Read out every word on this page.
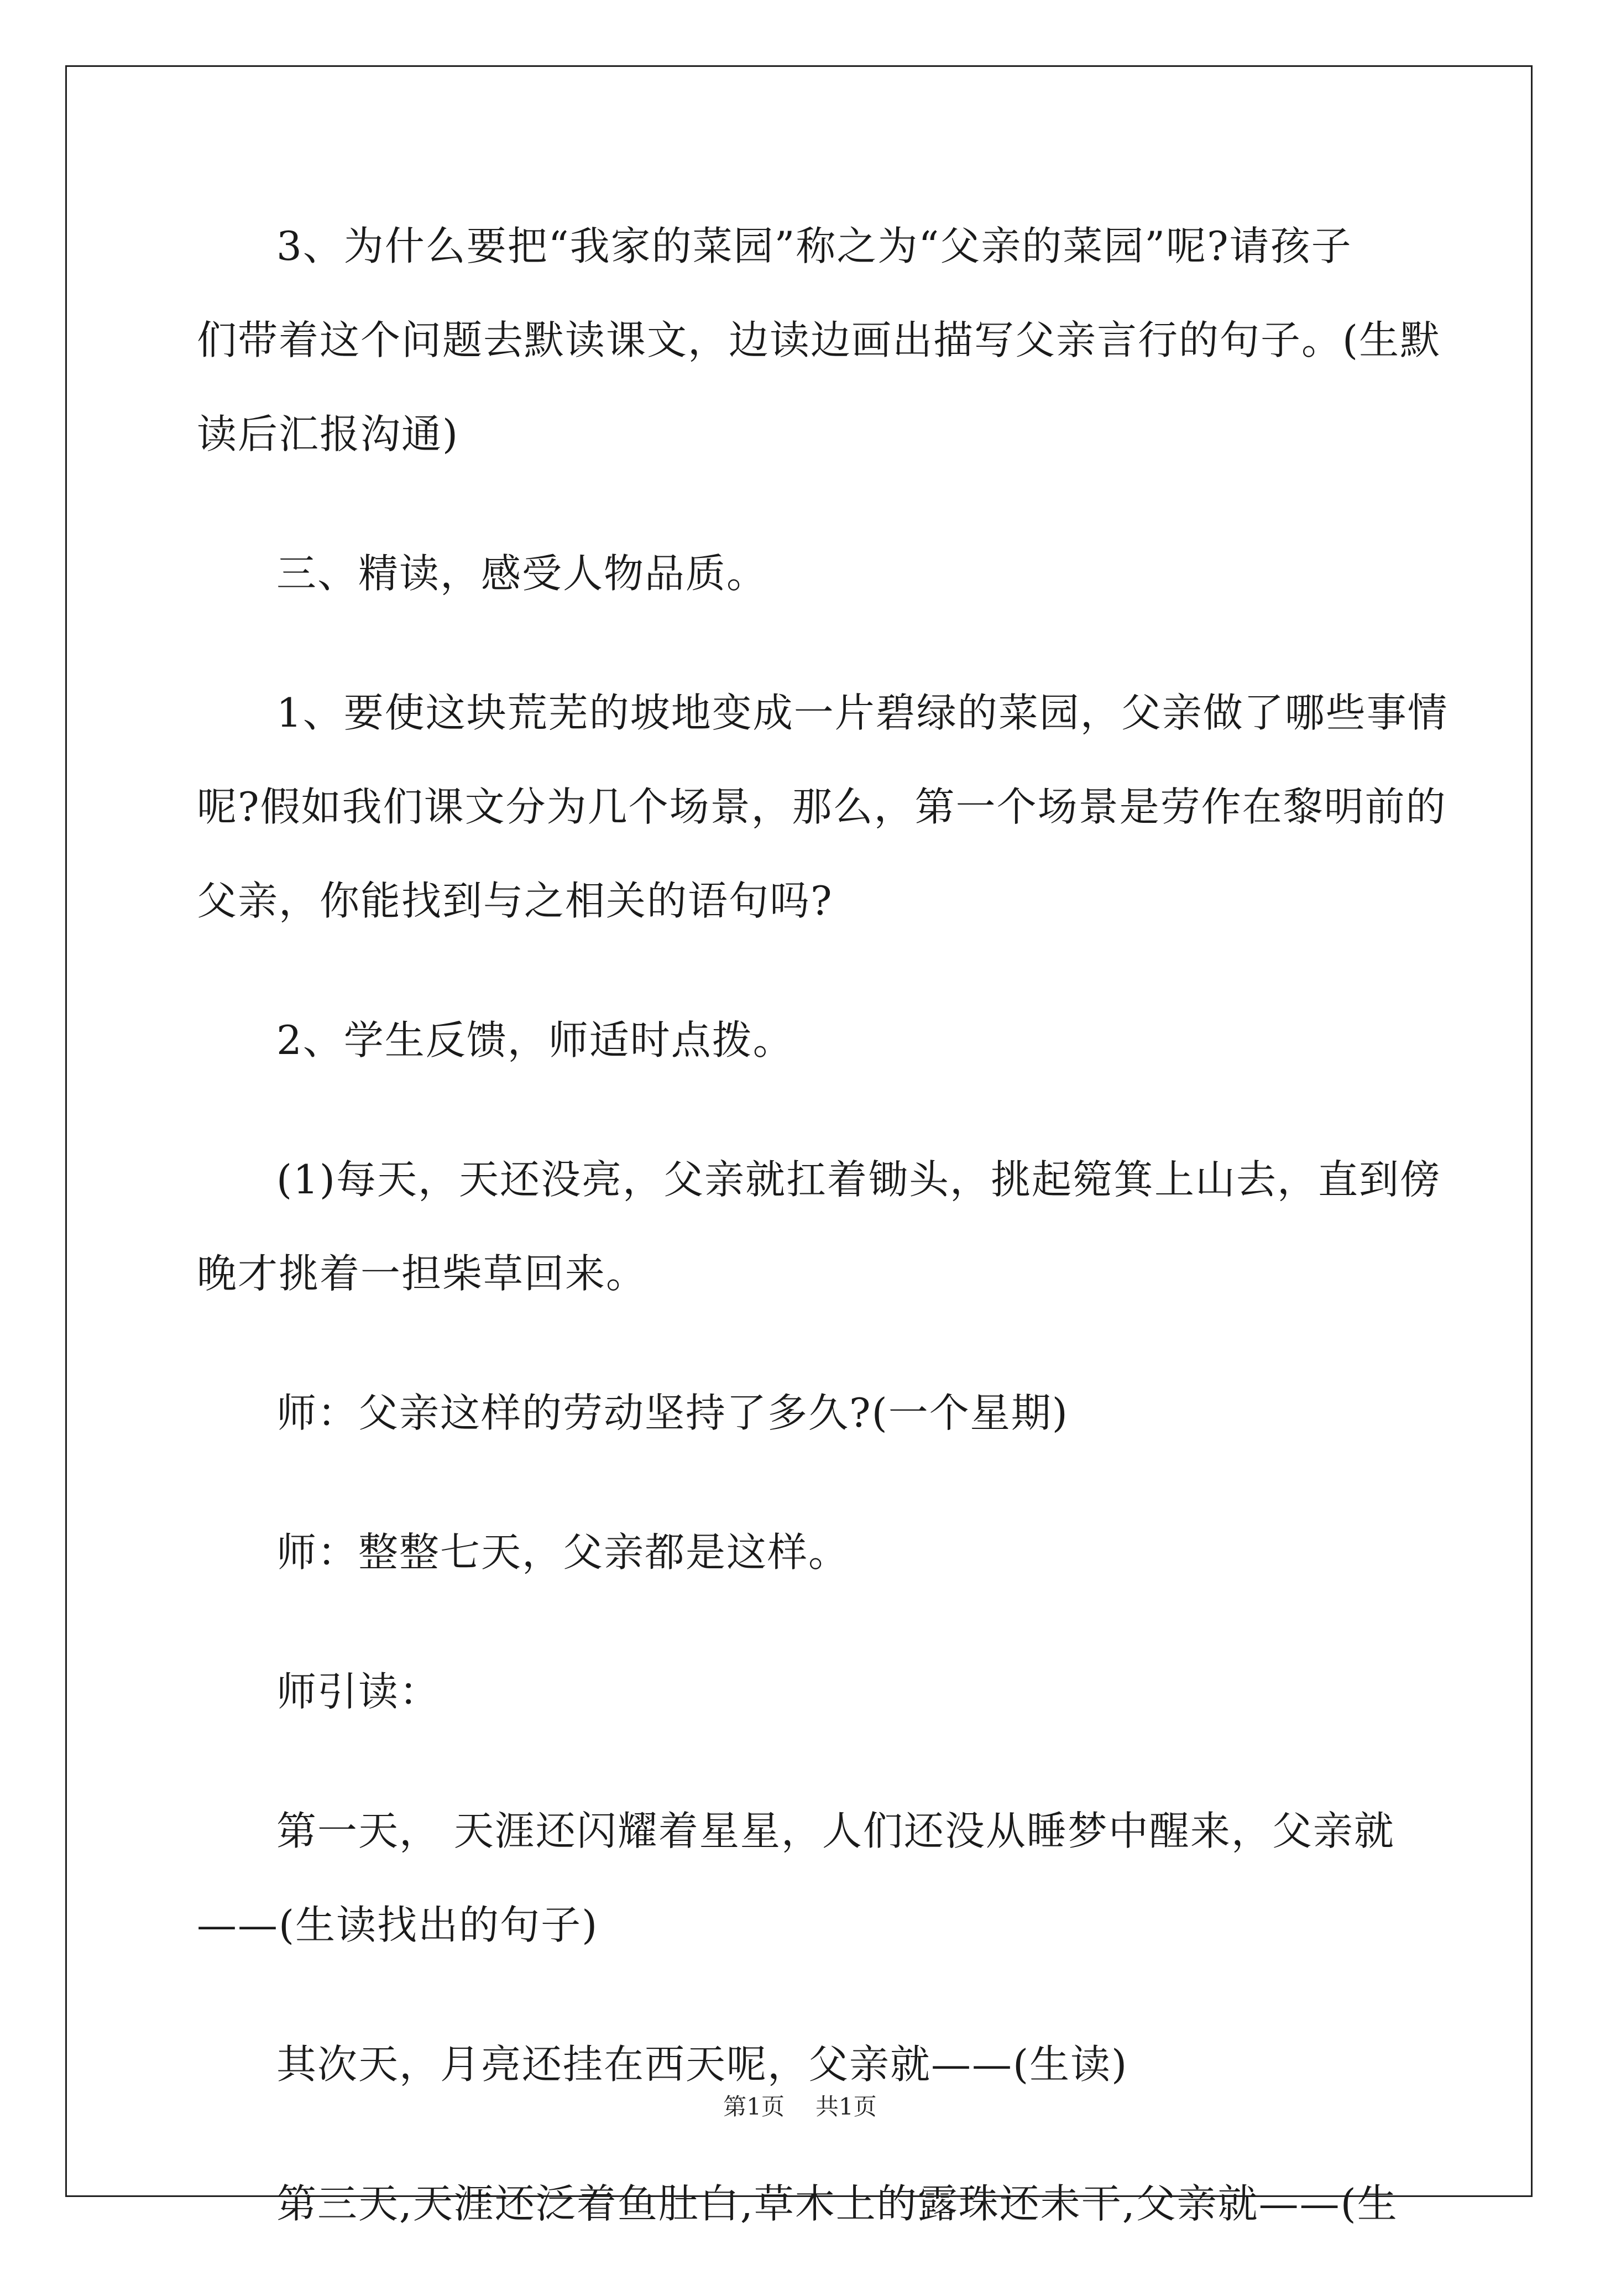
3、为什么要把“我家的菜园”称之为“父亲的菜园”呢?请孩子
们带着这个问题去默读课文，边读边画出描写父亲言行的句子。(生默
读后汇报沟通)
三、精读，感受人物品质。
1、要使这块荒芜的坡地变成一片碧绿的菜园，父亲做了哪些事情
呢?假如我们课文分为几个场景，那么，第一个场景是劳作在黎明前的
父亲，你能找到与之相关的语句吗?
2、学生反馈，师适时点拨。
(1)每天，天还没亮，父亲就扛着锄头，挑起箢箕上山去，直到傍
晚才挑着一担柴草回来。
师：父亲这样的劳动坚持了多久?(一个星期)
师：整整七天，父亲都是这样。
师引读：
第一天， 天涯还闪耀着星星，人们还没从睡梦中醒来，父亲就
——(生读找出的句子)
其次天，月亮还挂在西天呢，父亲就——(生读)
第三天,天涯还泛着鱼肚白,草木上的露珠还未干,父亲就——(生
第1页 共1页
